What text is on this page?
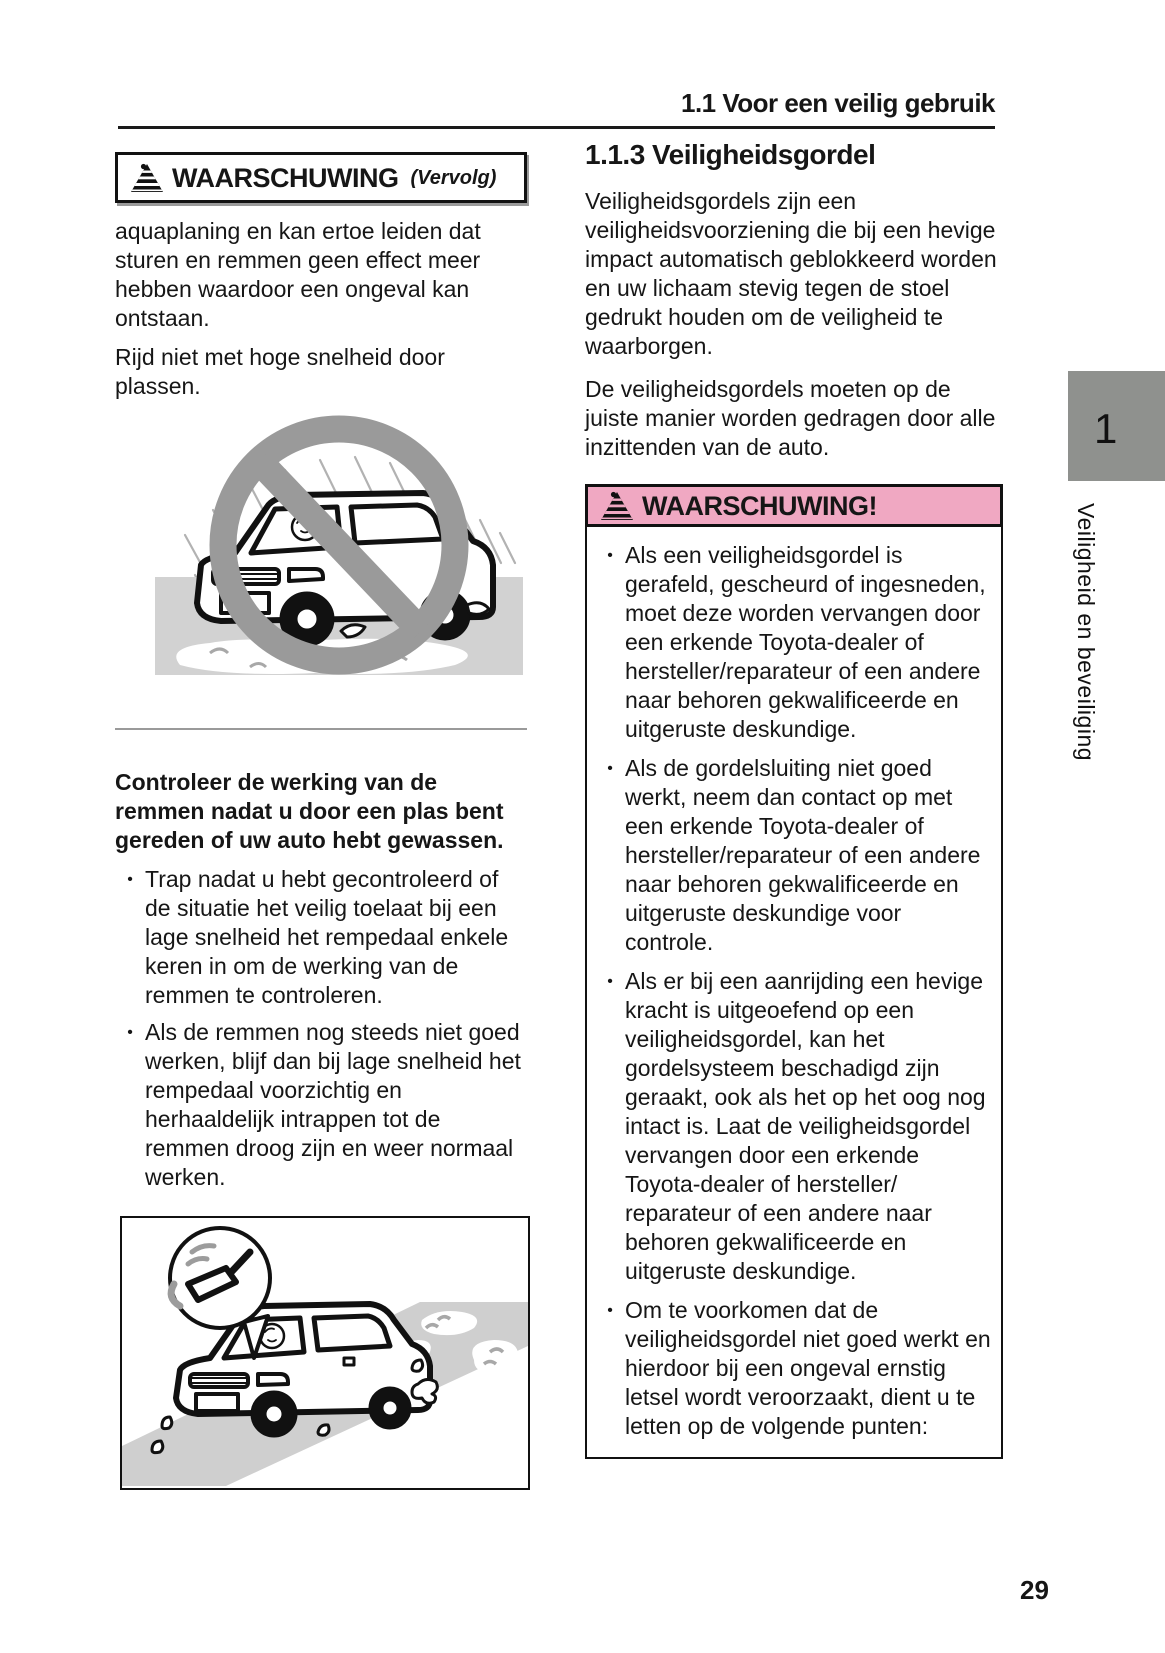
1.1 Voor een veilig gebruik
1
Veiligheid en beveiliging
29
WAARSCHUWING (Vervolg)

aquaplaning en kan ertoe leiden dat sturen en remmen geen effect meer hebben waardoor een ongeval kan ontstaan.

Rijd niet met hoge snelheid door plassen.

Controleer de werking van de remmen nadat u door een plas bent gereden of uw auto hebt gewassen.

• Trap nadat u hebt gecontroleerd of de situatie het veilig toelaat bij een lage snelheid het rempedaal enkele keren in om de werking van de remmen te controleren.
• Als de remmen nog steeds niet goed werken, blijf dan bij lage snelheid het rempedaal voorzichtig en herhaaldelijk intrappen tot de remmen droog zijn en weer normaal werken.
1.1.3 Veiligheidsgordel

Veiligheidsgordels zijn een veiligheidsvoorziening die bij een hevige impact automatisch geblokkeerd worden en uw lichaam stevig tegen de stoel gedrukt houden om de veiligheid te waarborgen.

De veiligheidsgordels moeten op de juiste manier worden gedragen door alle inzittenden van de auto.

WAARSCHUWING!
• Als een veiligheidsgordel is gerafeld, gescheurd of ingesneden, moet deze worden vervangen door een erkende Toyota-dealer of hersteller/reparateur of een andere naar behoren gekwalificeerde en uitgeruste deskundige.
• Als de gordelsluiting niet goed werkt, neem dan contact op met een erkende Toyota-dealer of hersteller/reparateur of een andere naar behoren gekwalificeerde en uitgeruste deskundige voor controle.
• Als er bij een aanrijding een hevige kracht is uitgeoefend op een veiligheidsgordel, kan het gordelsysteem beschadigd zijn geraakt, ook als het op het oog nog intact is. Laat de veiligheidsgordel vervangen door een erkende Toyota-dealer of hersteller/ reparateur of een andere naar behoren gekwalificeerde en uitgeruste deskundige.
• Om te voorkomen dat de veiligheidsgordel niet goed werkt en hierdoor bij een ongeval ernstig letsel wordt veroorzaakt, dient u te letten op de volgende punten:
